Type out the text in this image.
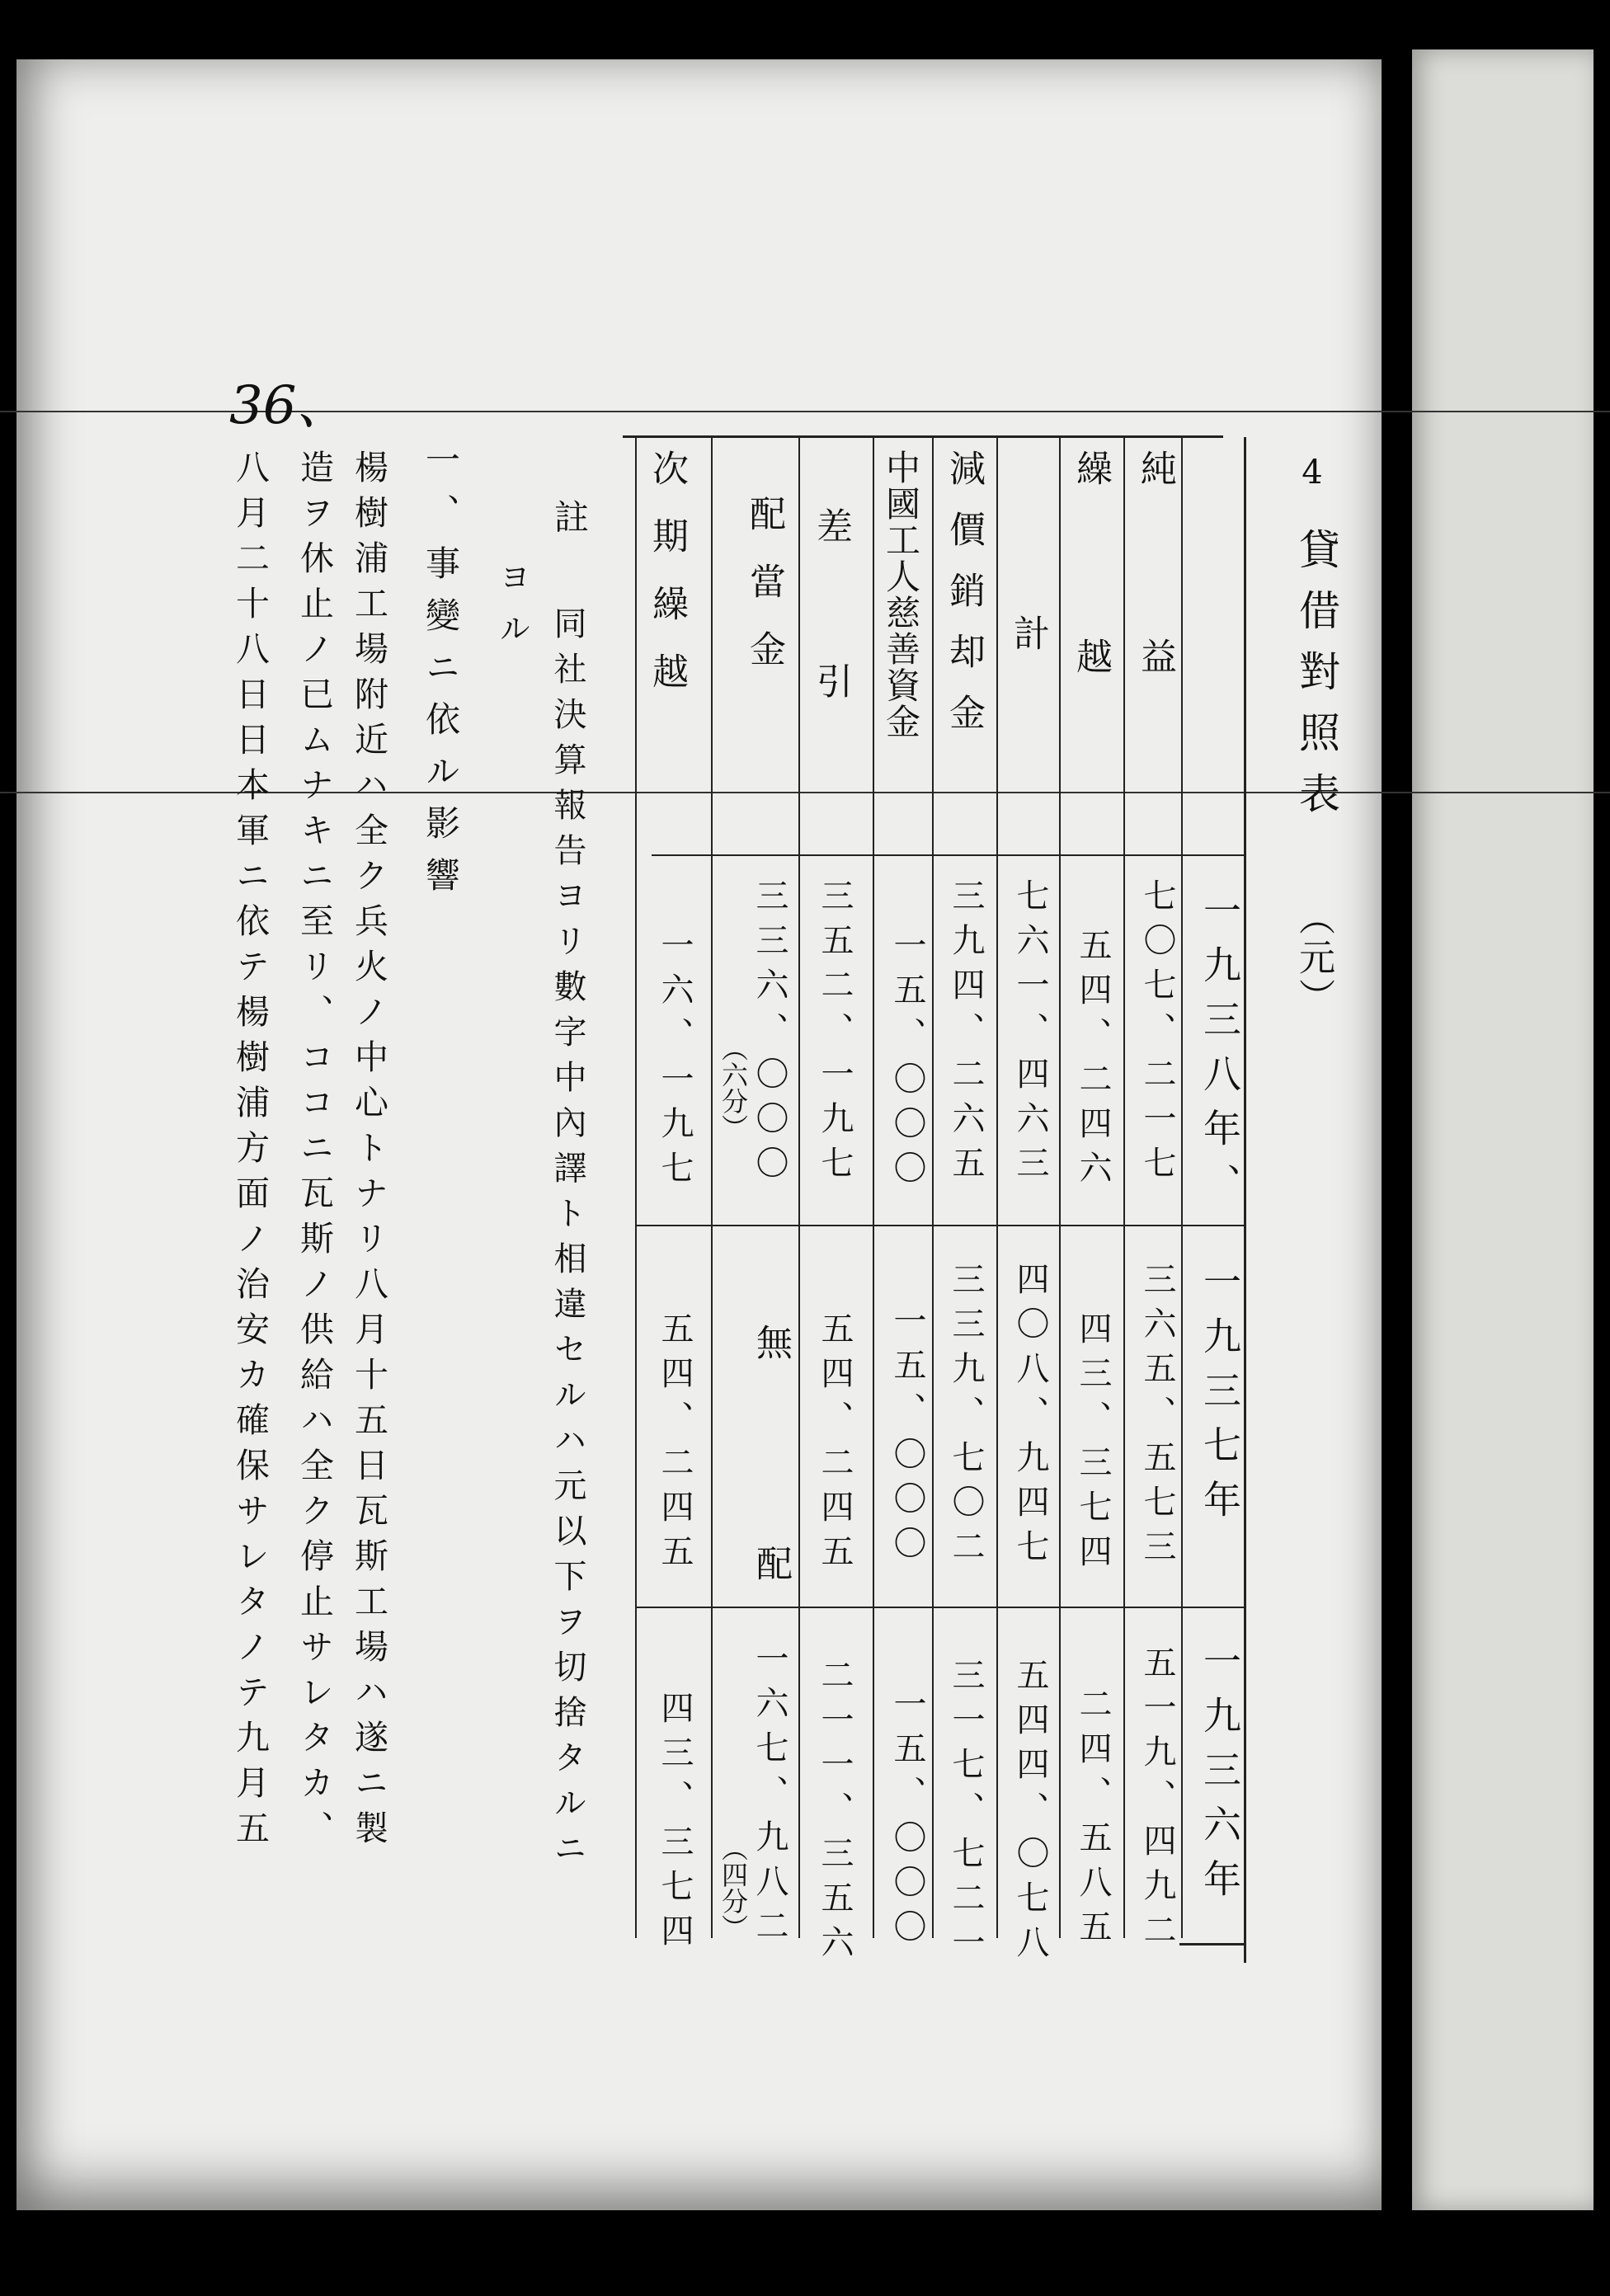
36、
4
貸借對照表
（元）
一九三八年、
一九三七年
一九三六年
純　益
繰　越
計
減價銷却金
中國工人慈善資金
差　引
配當金
次期繰越
七〇七、二一七
五四、二四六
七六一、四六三
三九四、二六五
一五、〇〇〇
三五二、一九七
三三六、〇〇〇
（六分）
一六、一九七
三六五、五七三
四三、三七四
四〇八、九四七
三三九、七〇二
一五、〇〇〇
五四、二四五
無　配
五四、二四五
五一九、四九二
二四、五八五
五四四、〇七八
三一七、七二一
一五、〇〇〇
二一一、三五六
一六七、九八二
（四分）
四三、三七四
註
同社決算報告ヨリ數字中內譯ト相違セルハ元以下ヲ切捨タルニ
ヨル
一、事變ニ依ル影響
楊樹浦工場附近ハ全ク兵火ノ中心トナリ八月十五日瓦斯工場ハ遂ニ製
造ヲ休止ノ已ムナキニ至リ、ココニ瓦斯ノ供給ハ全ク停止サレタカ、
八月二十八日日本軍ニ依テ楊樹浦方面ノ治安カ確保サレタノテ九月五
